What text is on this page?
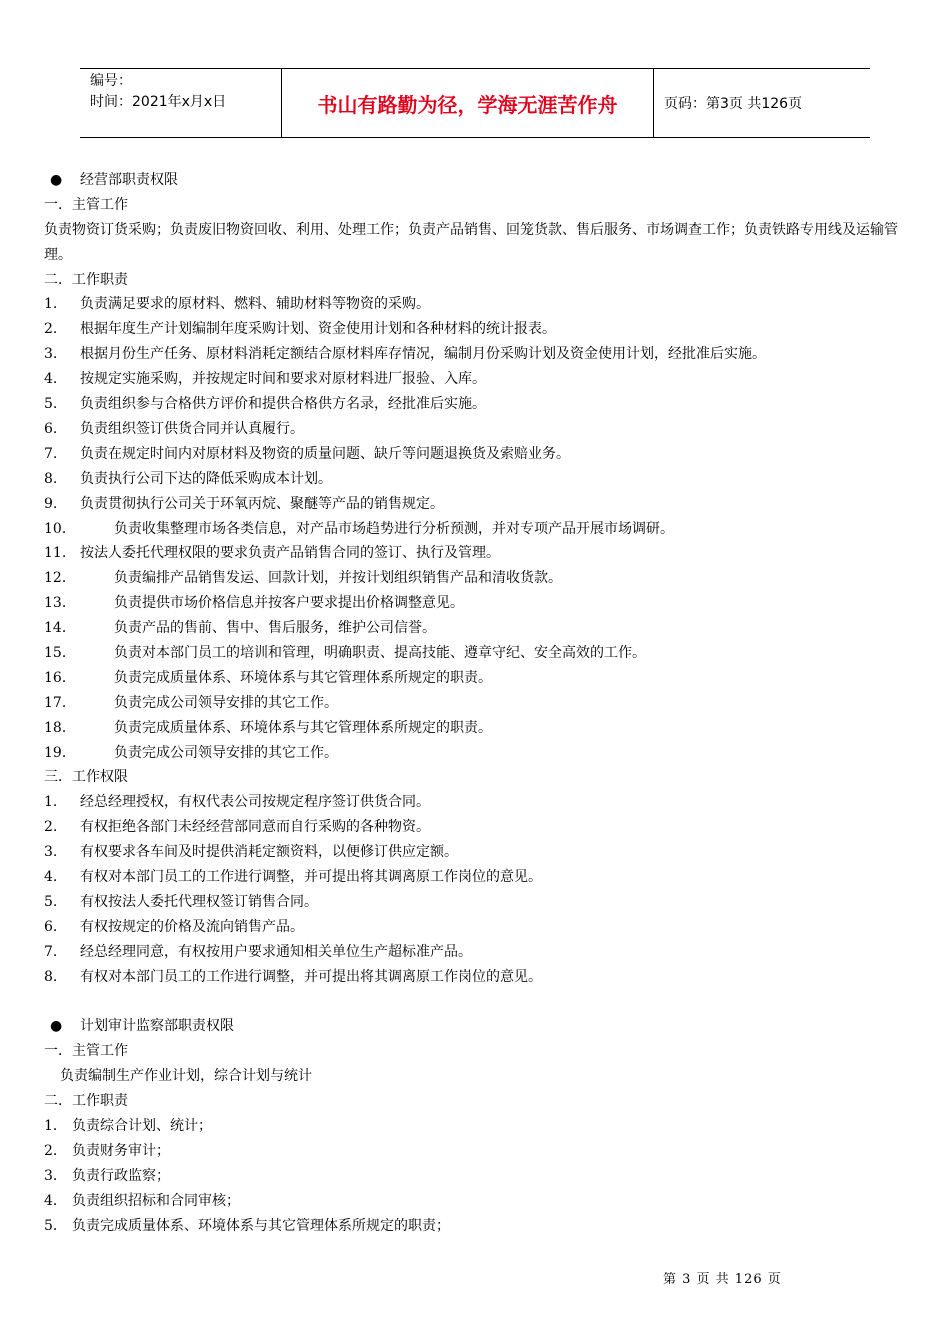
编号：
时间：2021年x月x日	书山有路勤为径，学海无涯苦作舟	页码：第3页 共126页
● 经营部职责权限
一．主管工作
负责物资订货采购；负责废旧物资回收、利用、处理工作；负责产品销售、回笼货款、售后服务、市场调查工作；负责铁路专用线及运输管理。
二．工作职责
1. 负责满足要求的原材料、燃料、辅助材料等物资的采购。
2. 根据年度生产计划编制年度采购计划、资金使用计划和各种材料的统计报表。
3. 根据月份生产任务、原材料消耗定额结合原材料库存情况，编制月份采购计划及资金使用计划，经批准后实施。
4. 按规定实施采购，并按规定时间和要求对原材料进厂报验、入库。
5. 负责组织参与合格供方评价和提供合格供方名录，经批准后实施。
6. 负责组织签订供货合同并认真履行。
7. 负责在规定时间内对原材料及物资的质量问题、缺斤等问题退换货及索赔业务。
8. 负责执行公司下达的降低采购成本计划。
9. 负责贯彻执行公司关于环氧丙烷、聚醚等产品的销售规定。
10．	负责收集整理市场各类信息，对产品市场趋势进行分析预测，并对专项产品开展市场调研。
11. 按法人委托代理权限的要求负责产品销售合同的签订、执行及管理。
12．	负责编排产品销售发运、回款计划，并按计划组织销售产品和清收货款。
13．	负责提供市场价格信息并按客户要求提出价格调整意见。
14．	负责产品的售前、售中、售后服务，维护公司信誉。
15．	负责对本部门员工的培训和管理，明确职责、提高技能、遵章守纪、安全高效的工作。
16．	负责完成质量体系、环境体系与其它管理体系所规定的职责。
17．	负责完成公司领导安排的其它工作。
18．	负责完成质量体系、环境体系与其它管理体系所规定的职责。
19．	负责完成公司领导安排的其它工作。
三．工作权限
1. 经总经理授权，有权代表公司按规定程序签订供货合同。
2. 有权拒绝各部门未经经营部同意而自行采购的各种物资。
3. 有权要求各车间及时提供消耗定额资料，以便修订供应定额。
4. 有权对本部门员工的工作进行调整，并可提出将其调离原工作岗位的意见。
5. 有权按法人委托代理权签订销售合同。
6. 有权按规定的价格及流向销售产品。
7. 经总经理同意，有权按用户要求通知相关单位生产超标准产品。
8. 有权对本部门员工的工作进行调整，并可提出将其调离原工作岗位的意见。
● 计划审计监察部职责权限
一．主管工作
负责编制生产作业计划，综合计划与统计
二．工作职责
1． 负责综合计划、统计；
2． 负责财务审计；
3． 负责行政监察；
4． 负责组织招标和合同审核；
5． 负责完成质量体系、环境体系与其它管理体系所规定的职责；
第 3 页 共 126 页
